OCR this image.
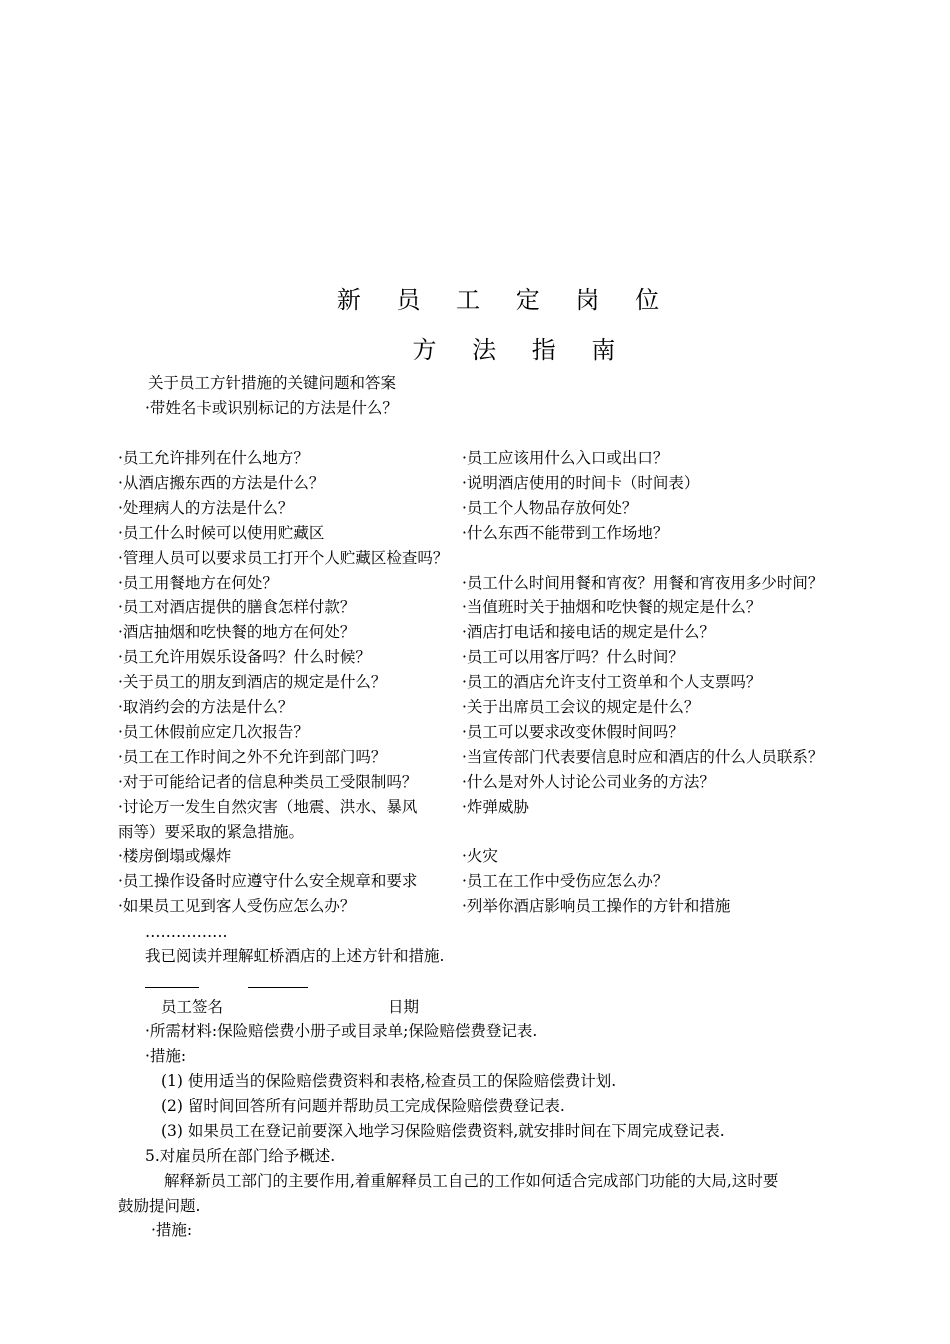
新 员 工 定 岗 位
方 法 指 南
关于员工方针措施的关键问题和答案
·带姓名卡或识别标记的方法是什么？
·员工允许排列在什么地方？	·员工应该用什么入口或出口？
·从酒店搬东西的方法是什么？	·说明酒店使用的时间卡（时间表）
·处理病人的方法是什么？	·员工个人物品存放何处？
·员工什么时候可以使用贮藏区	·什么东西不能带到工作场地？
·管理人员可以要求员工打开个人贮藏区检查吗？
·员工用餐地方在何处？	·员工什么时间用餐和宵夜？用餐和宵夜用多少时间？
·员工对酒店提供的膳食怎样付款？	·当值班时关于抽烟和吃快餐的规定是什么？
·酒店抽烟和吃快餐的地方在何处？	·酒店打电话和接电话的规定是什么？
·员工允许用娱乐设备吗？什么时候？	·员工可以用客厅吗？什么时间？
·关于员工的朋友到酒店的规定是什么？	·员工的酒店允许支付工资单和个人支票吗？
·取消约会的方法是什么？	·关于出席员工会议的规定是什么？
·员工休假前应定几次报告？	·员工可以要求改变休假时间吗？
·员工在工作时间之外不允许到部门吗？	·当宣传部门代表要信息时应和酒店的什么人员联系？
·对于可能给记者的信息种类员工受限制吗？	·什么是对外人讨论公司业务的方法？
·讨论万一发生自然灾害（地震、洪水、暴风	·炸弹威胁
雨等）要采取的紧急措施。
·楼房倒塌或爆炸	·火灾
·员工操作设备时应遵守什么安全规章和要求	·员工在工作中受伤应怎么办？
·如果员工见到客人受伤应怎么办？	·列举你酒店影响员工操作的方针和措施
…………….
我已阅读并理解虹桥酒店的上述方针和措施.
员工签名	日期
·所需材料:保险赔偿费小册子或目录单;保险赔偿费登记表.
·措施:
(1) 使用适当的保险赔偿费资料和表格,检查员工的保险赔偿费计划.
(2) 留时间回答所有问题并帮助员工完成保险赔偿费登记表.
(3) 如果员工在登记前要深入地学习保险赔偿费资料,就安排时间在下周完成登记表.
5.对雇员所在部门给予概述.
解释新员工部门的主要作用,着重解释员工自己的工作如何适合完成部门功能的大局,这时要
鼓励提问题.
·措施:
